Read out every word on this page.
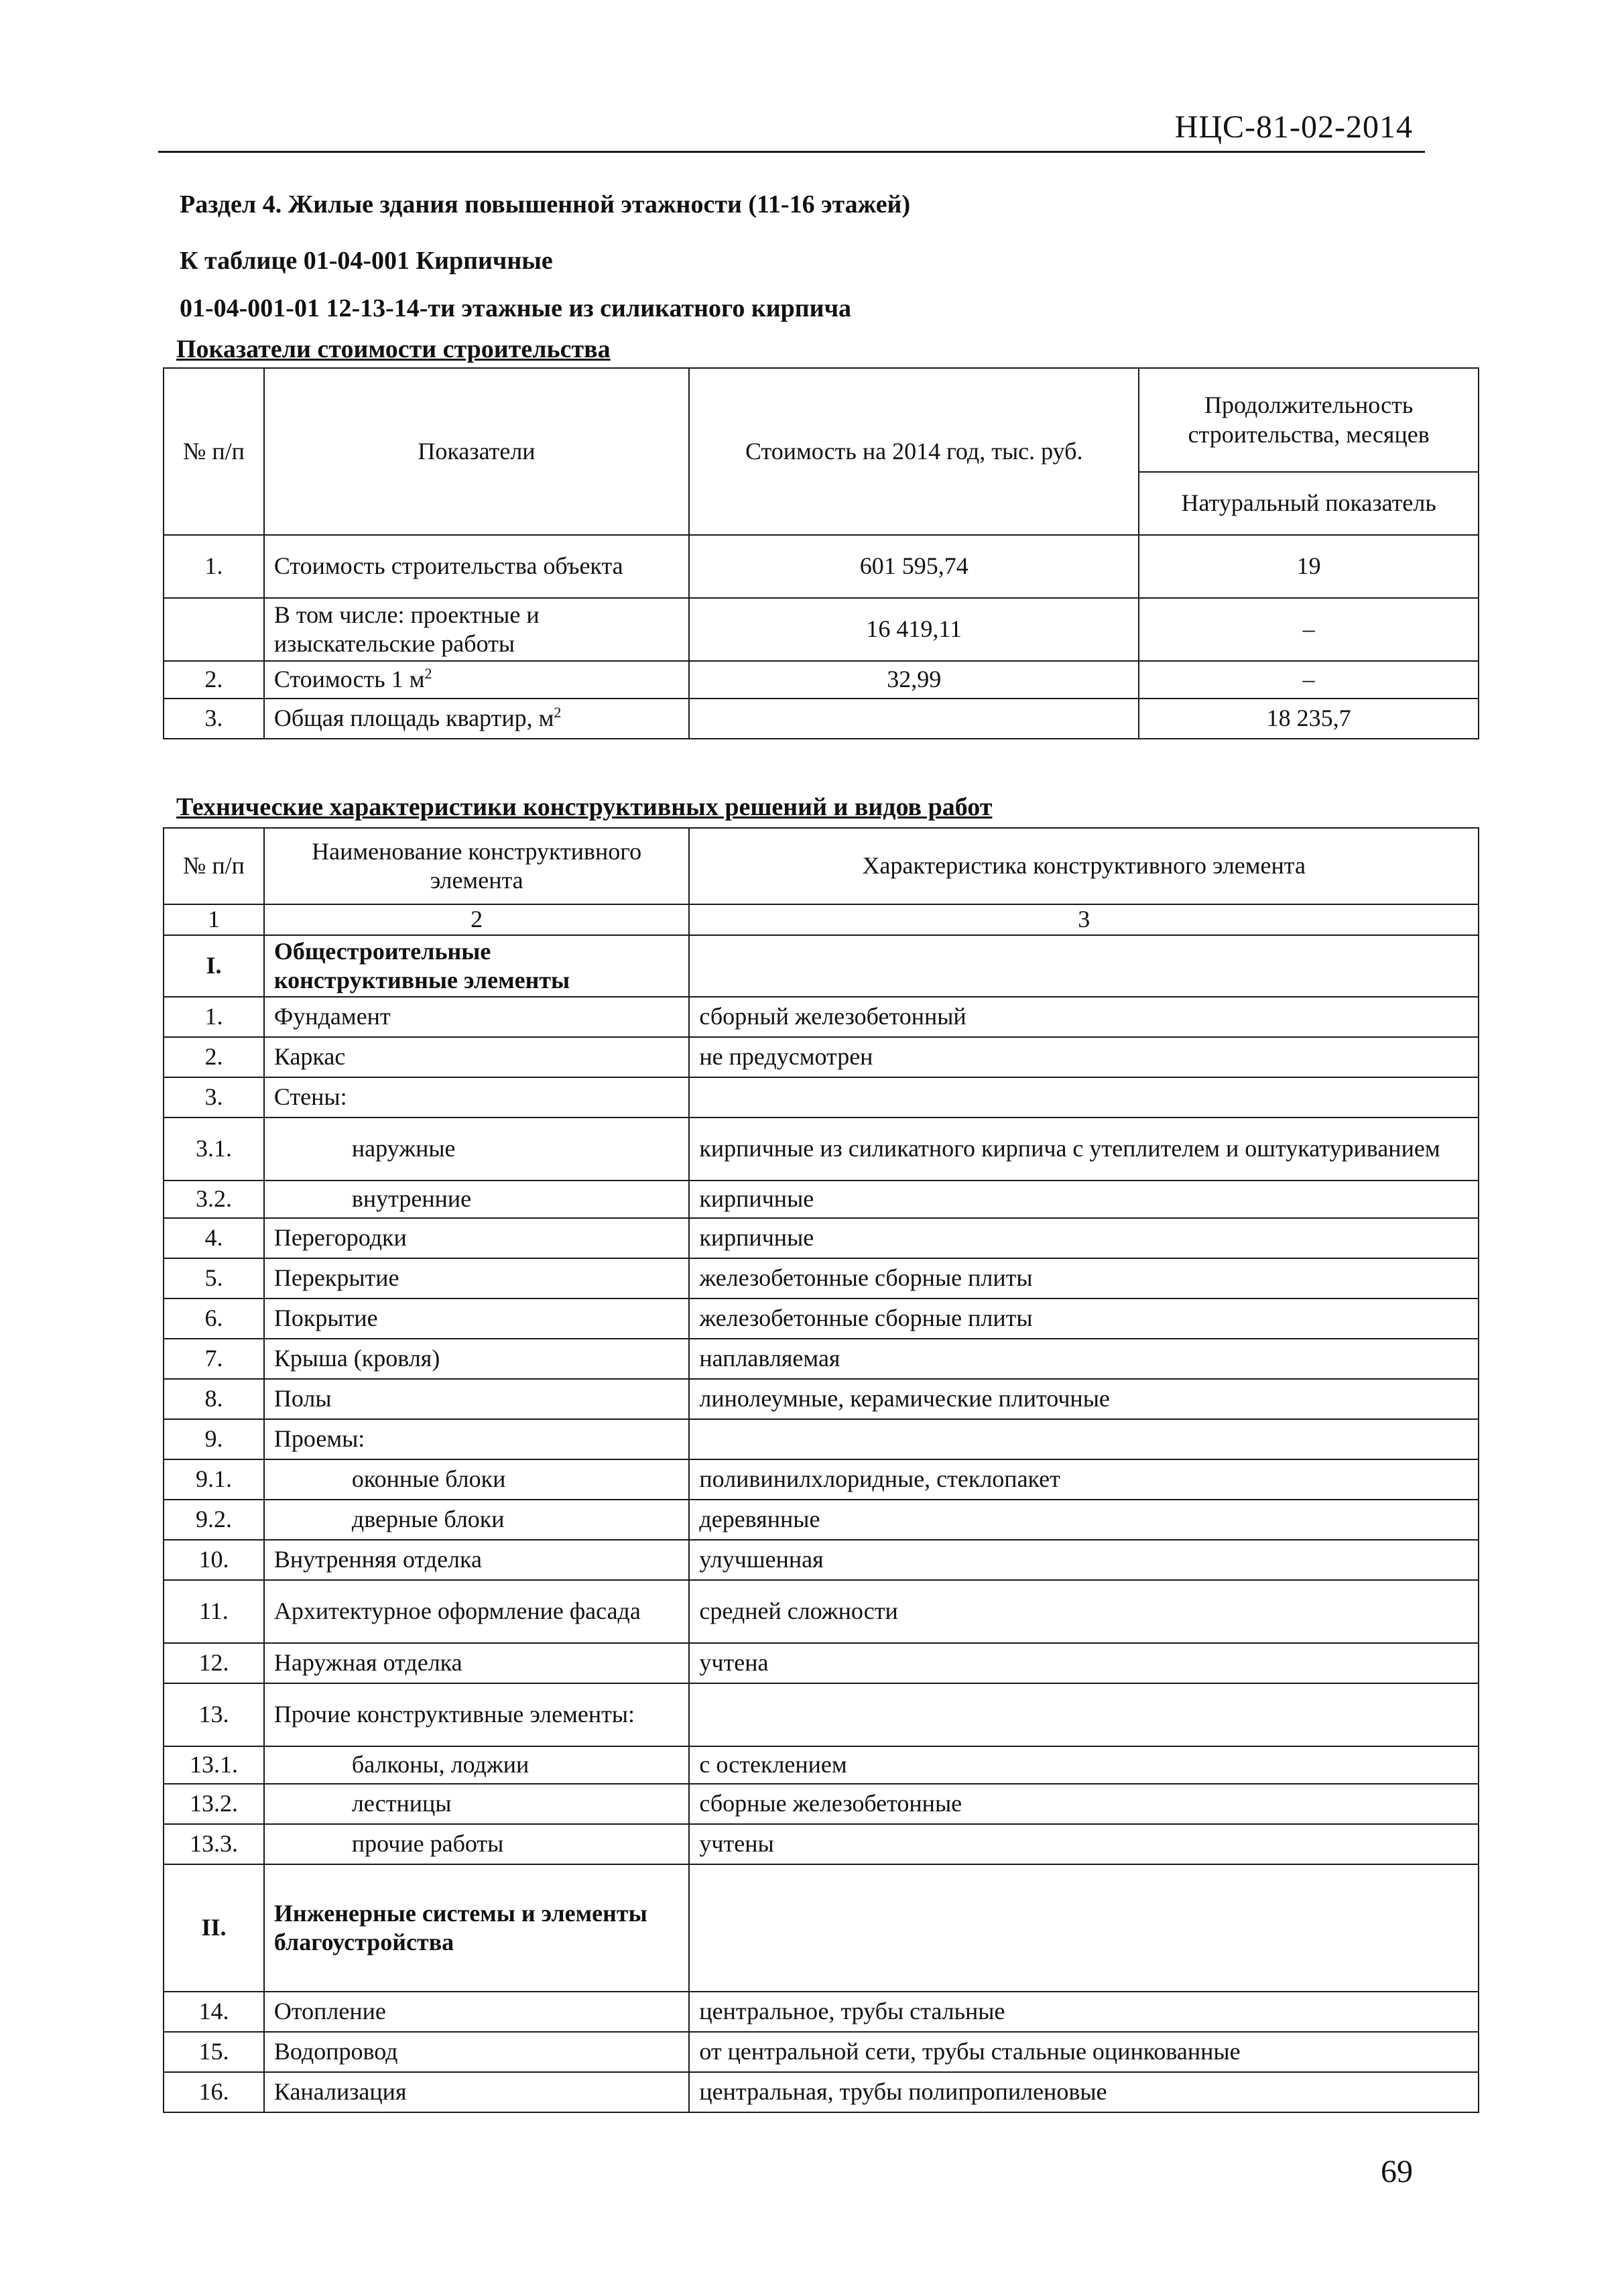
НЦС-81-02-2014
Раздел 4. Жилые здания повышенной этажности (11-16 этажей)
К таблице 01-04-001 Кирпичные
01-04-001-01 12-13-14-ти этажные из силикатного кирпича
Показатели стоимости строительства
№ п/п	Показатели	Стоимость на 2014 год, тыс. руб.	Продолжительность строительства, месяцев
			Натуральный показатель
1.	Стоимость строительства объекта	601 595,74	19
	В том числе: проектные и изыскательские работы	16 419,11	–
2.	Стоимость 1 $м^2$	32,99	–
3.	Общая площадь квартир, $м^2$		18 235,7
Технические характеристики конструктивных решений и видов работ
№ п/п	Наименование конструктивного элемента	Характеристика конструктивного элемента
1	2	3
I.	Общестроительные конструктивные элементы	
1.	Фундамент	сборный железобетонный
2.	Каркас	не предусмотрен
3.	Стены:	
3.1.	наружные	кирпичные из силикатного кирпича с утеплителем и оштукатуриванием
3.2.	внутренние	кирпичные
4.	Перегородки	кирпичные
5.	Перекрытие	железобетонные сборные плиты
6.	Покрытие	железобетонные сборные плиты
7.	Крыша (кровля)	наплавляемая
8.	Полы	линолеумные, керамические плиточные
9.	Проемы:	
9.1.	оконные блоки	поливинилхлоридные, стеклопакет
9.2.	дверные блоки	деревянные
10.	Внутренняя отделка	улучшенная
11.	Архитектурное оформление фасада	средней сложности
12.	Наружная отделка	учтена
13.	Прочие конструктивные элементы:	
13.1.	балконы, лоджии	с остеклением
13.2.	лестницы	сборные железобетонные
13.3.	прочие работы	учтены
II.	Инженерные системы и элементы благоустройства	
14.	Отопление	центральное, трубы стальные
15.	Водопровод	от центральной сети, трубы стальные оцинкованные
16.	Канализация	центральная, трубы полипропиленовые
69
